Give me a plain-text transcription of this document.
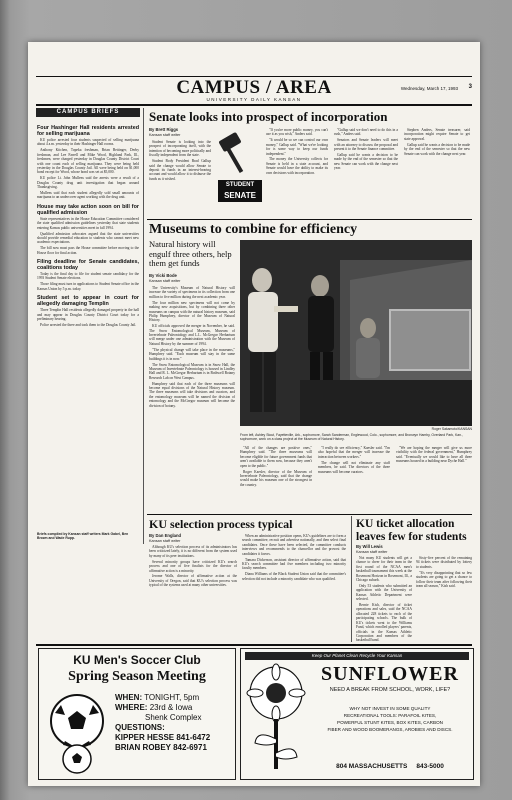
CAMPUS / AREA
UNIVERSITY DAILY KANSAN
Wednesday, March 17, 1993 3
CAMPUS BRIEFS
Four Hashinger Hall residents arrested for selling marijuana

KU police arrested four students suspected of selling marijuana about 4 a.m. yesterday in their Hashinger Hall rooms.

Anthony Kitchen, Topeka freshman, Brian Bettinger, Derby freshman, and Lee Farrell and Mike Wood, Highland Park, Ill., freshmen, were charged yesterday in Douglas County District Court with one count each of selling marijuana. They were being held yesterday in the Douglas County Jail. All were being held on $1,000 bond except for Wood, whose bond was set at $5,000.

KU police Lt. John Mullens said the arrests were a result of a Douglas County drug unit investigation that began around Thanksgiving.

Mullens said that each student allegedly sold small amounts of marijuana to an undercover agent working with the drug unit.

House may take action soon on bill for qualified admission

State representatives in the House Education Committee considered the state qualified admission guidelines yesterday that state students entering Kansas public universities meet in fall 1994.

Qualified admission advocates argued that the state universities should provide remedial education to students who cannot meet new academic expectations.

The bill now must pass the House committee before moving to the House floor for final action.

Filing deadline for Senate candidates, coalitions today

Today is the final day to file for student senate candidacy for the 1993 Student Senate elections.

Those filing must turn in applications to Student Senate office in the Kansas Union by 5 p.m. today.

Student set to appear in court for allegedly damaging Templin

Three Templin Hall residents allegedly damaged property in the hall and may appear in Douglas County District Court today for a preliminary hearing.

Police arrested the three and took them to the Douglas County Jail.

Briefs compiled by Kansan staff writers Mark Gabel, Ben Brown and Wade Rupp.
Senate looks into prospect of incorporation
By Brett Riggs
Kansan staff writer

Student Senate is looking into the prospect of incorporating itself, with the intention of becoming more politically and fiscally independent from the state.

Student Body President Brad Gallup said the change would allow Senate to deposit its funds in an interest-bearing account and would allow it to disburse the funds as it wished.

STUDENT
SENATE

"If you're more public money, you can't use it as you wish," Anders said.

"It would be so we can control our own money," Gallup said. "What we're looking for is some way to keep our funds independent."

The money the University collects for Senate is held in a state account, and Senate would have the ability to make its own decisions with incorporation.

"Gallup said we don't need to do this in a rush," Anders said.

Senators and Senate leaders will meet with an attorney to discuss the proposal and present it to the Senate finance committee.

Gallup said he wants a decision to be made by the end of the semester so that the new Senate can work with the change next year.

Stephen Anders, Senate treasurer, said incorporation might require Senate to get state approval.

Gallup said he wants a decision to be made by the end of the semester so that the new Senate can work with the change next year.

Museums to combine for efficiency
Natural history will engulf three others, help them get funds
By Vicki Bode
Kansan staff writer

The University's Museum of Natural History will increase the variety of specimens in its collection from one million to five million during the next academic year.

The four million new specimens will not come by making new acquisitions, but by combining three other museums on campus with the natural history museum, said Philip Humphrey, director of the Museum of Natural History.

KU officials approved the merger in November, he said. The Snow Entomological Museum, Museum of Invertebrate Paleontology and L.L. McGregor Herbarium will merge under one administration with the Museum of Natural History by the summer of 1994.

"The physical change will take place in the museums," Humphrey said. "Each museum will stay in the same buildings it is in now."

The Snow Entomological Museum is in Snow Hall, the Museum of Invertebrate Paleontology is housed in Lindley Hall and R. L. McGregor Herbarium is in Bothwell Botany Research Lab on West Campus.

Humphrey said that each of the three museums will become equal divisions of the Natural History museum. The three museums will take divisions and curators, and the entomology museum will be named the division of entomology and the McGregor museum will become the division of botany.

Roger Sakamoto/KANSAN
From left, Ashley Stout, Fayetteville, Ark., sophomore, Sarah Sanderman, Englewood, Colo., sophomore, and Bronwyn Hamby, Overland Park, Kan., sophomore, work on a class project at the Museum of Natural History.

"All of the changes are positive ones," Humphrey said. "The three museums will become eligible for future government funds that aren't available to them now, because they aren't open to the public."

Roger Kaesler, director of the Museum of Invertebrate Paleontology, said that the change would make his museum one of the strongest in the country.

"I really do see efficiency," Kaesler said. "I'm also hopeful that the merger will increase the interaction between workers."

The change will not eliminate any staff members, he said. The directors of the three museums will become curators.

"We are hoping the merger will give us more visibility with the federal government," Humphrey said. "Eventually we would like to have all three museums housed in a building near Dyche Hall."

KU selection process typical
By Dan England
Kansan staff writer

Although KU's selection process of its administrators has been criticized lately, it is no different from the system used by many of its peer institutions.

Several minority groups have criticized KU's search process and one of five finalists for the director of affirmative action is a minority.

Jerome Walls, director of affirmative action at the University of Oregon, said that KU's selection process was typical of the systems used at many other universities.

When an administrative position opens, KU's guidelines are to form a search committee, recruit and advertise nationally, and then select final candidates. Once these have been selected, the committee conducts interviews and recommends to the chancellor and the provost the candidates it favors.

Tamara Dickerson, assistant director of affirmative action, said that KU's search committee had five members including two minority faculty members.

Diana Williams of the Black Student Union said that the committee's selection did not include a minority candidate who was qualified.

KU ticket allocation leaves few for students
By Will Lewis
Kansan staff writer

Not many KU students will get a chance to cheer for their team in the first round of the NCAA men's basketball tournament this week at the Rosemont Horizon in Rosemont, Ill., a Chicago suburb.

Only 53 students who submitted an application with the University of Kansas Athletic Department were selected.

Bernie Kish, director of ticket operations and sales, said the NCAA allocated 228 tickets to each of the participating schools. The bulk of KU's tickets went to the Williams Fund, which enrolled players' parents, officials in the Kansas Athletic Corporation and members of the basketball band.

Sixty-five percent of the remaining 94 tickets were distributed by lottery to students.

"It's very disappointing that so few students are going to get a chance to follow their team after following their team all season," Kish said.

KU Men's Soccer Club
Spring Season Meeting
WHEN: TONIGHT, 5pm
WHERE: 23rd & Iowa
Shenk Complex
QUESTIONS:
KIPPER HESSE 841-6472
BRIAN ROBEY 842-6971
Keep Our Planet Clean Recycle Your Kansan
SUNFLOWER
NEED A BREAK FROM SCHOOL, WORK, LIFE?
WHY NOT INVEST IN SOME QUALITY
RECREATIONAL TOOLS: PARAFOIL KITES,
POWERFUL STUNT KITES, BOX KITES, CARBON
FIBER AND WOOD BOOMERANGS, AROBIES AND DISCS.
804 MASSACHUSETTS 843-5000
